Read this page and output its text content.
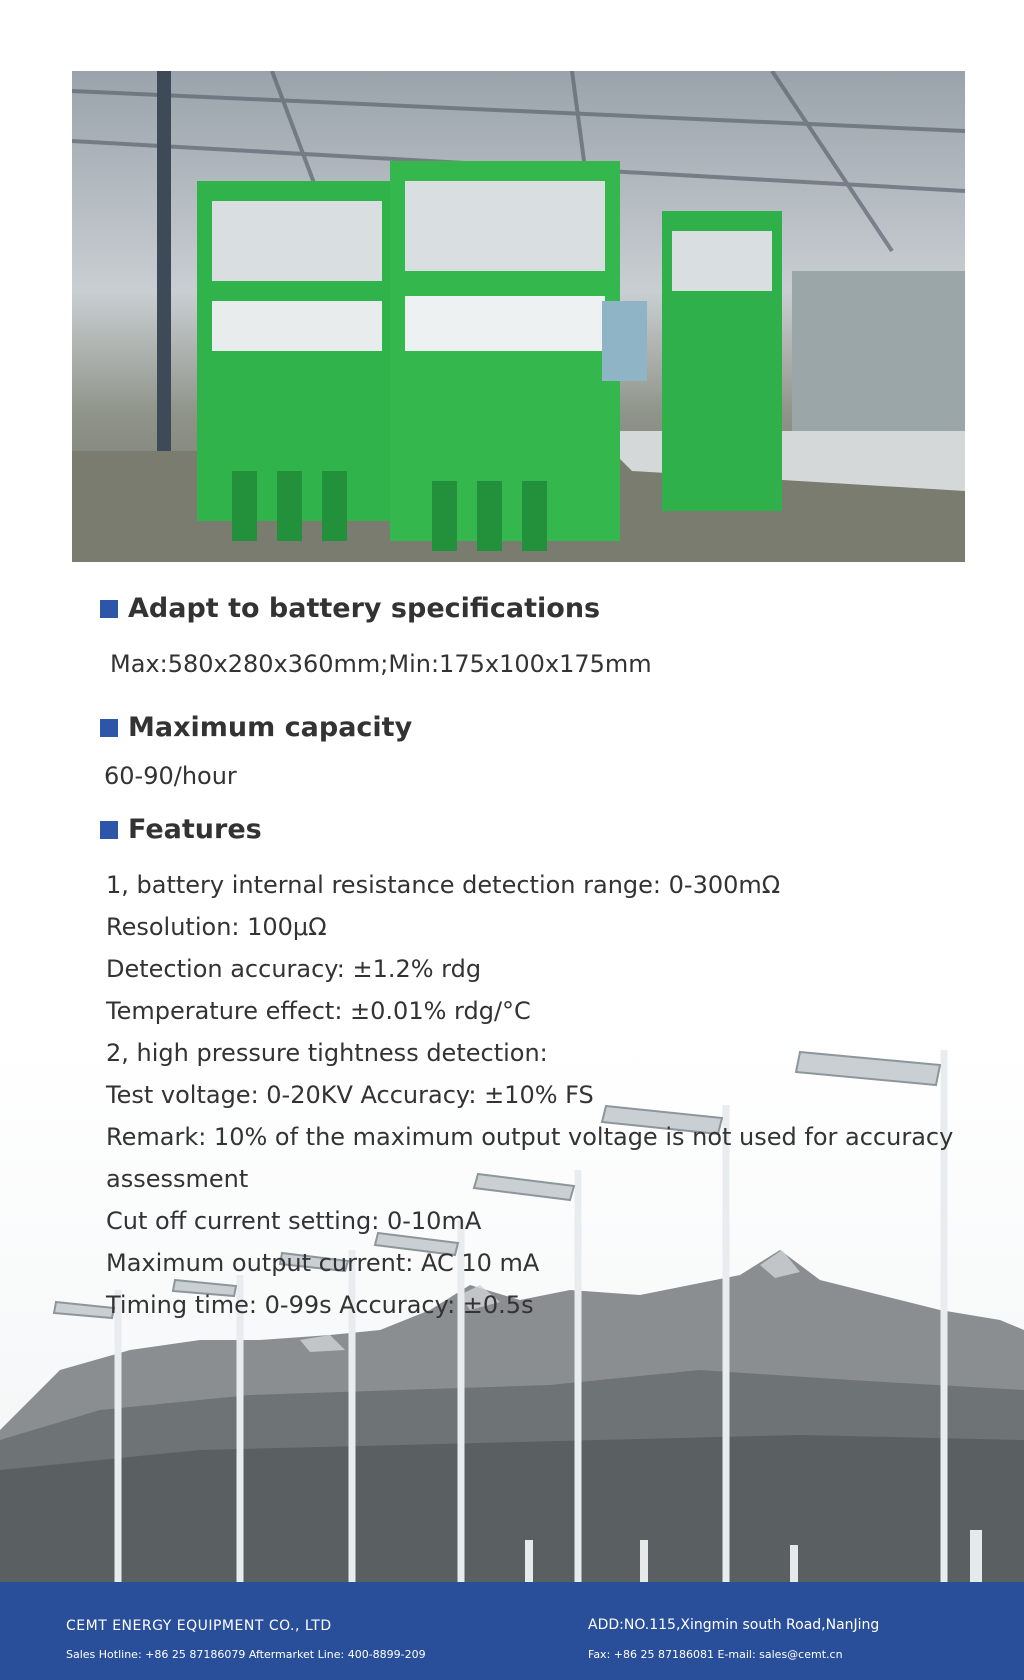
Adapt to battery specifications
Max:580x280x360mm;Min:175x100x175mm
Maximum capacity
60-90/hour
Features
1, battery internal resistance detection range: 0-300mΩ
Resolution: 100μΩ
Detection accuracy: ±1.2% rdg
Temperature effect: ±0.01% rdg/°C
2, high pressure tightness detection:
Test voltage: 0-20KV Accuracy: ±10% FS
Remark: 10% of the maximum output voltage is not used for accuracy
assessment
Cut off current setting: 0-10mA
Maximum output current: AC 10 mA
Timing time: 0-99s Accuracy: ±0.5s
CEMT ENERGY EQUIPMENT CO., LTD
Sales Hotline: +86 25 87186079 Aftermarket Line: 400-8899-209
ADD:NO.115,Xingmin south Road,NanJing
Fax: +86 25 87186081 E-mail: sales@cemt.cn
